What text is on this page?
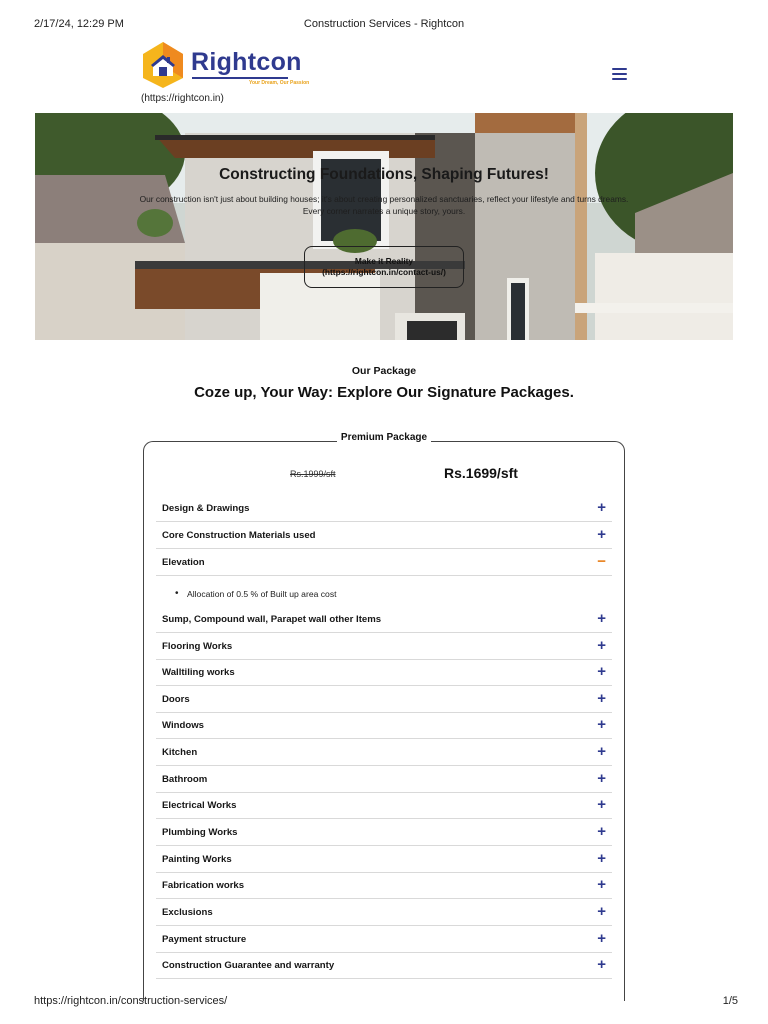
2/17/24, 12:29 PM	Construction Services - Rightcon
Rightcon
Your Dream, Our Passion
(https://rightcon.in)
Constructing Foundations, Shaping Futures!
Our construction isn't just about building houses; it's about creating personalized sanctuaries, reflect your lifestyle and turns dreams. Every corner narrates a unique story, yours.
Make it Reality
(https://rightcon.in/contact-us/)
Our Package
Coze up, Your Way: Explore Our Signature Packages.
Premium Package
Rs.1999/sft	Rs.1699/sft
Design & Drawings	+
Core Construction Materials used	+
Elevation	−
• Allocation of 0.5 % of Built up area cost
Sump, Compound wall, Parapet wall other Items	+
Flooring Works	+
Walltiling works	+
Doors	+
Windows	+
Kitchen	+
Bathroom	+
Electrical Works	+
Plumbing Works	+
Painting Works	+
Fabrication works	+
Exclusions	+
Payment structure	+
Construction Guarantee and warranty	+
https://rightcon.in/construction-services/	1/5
